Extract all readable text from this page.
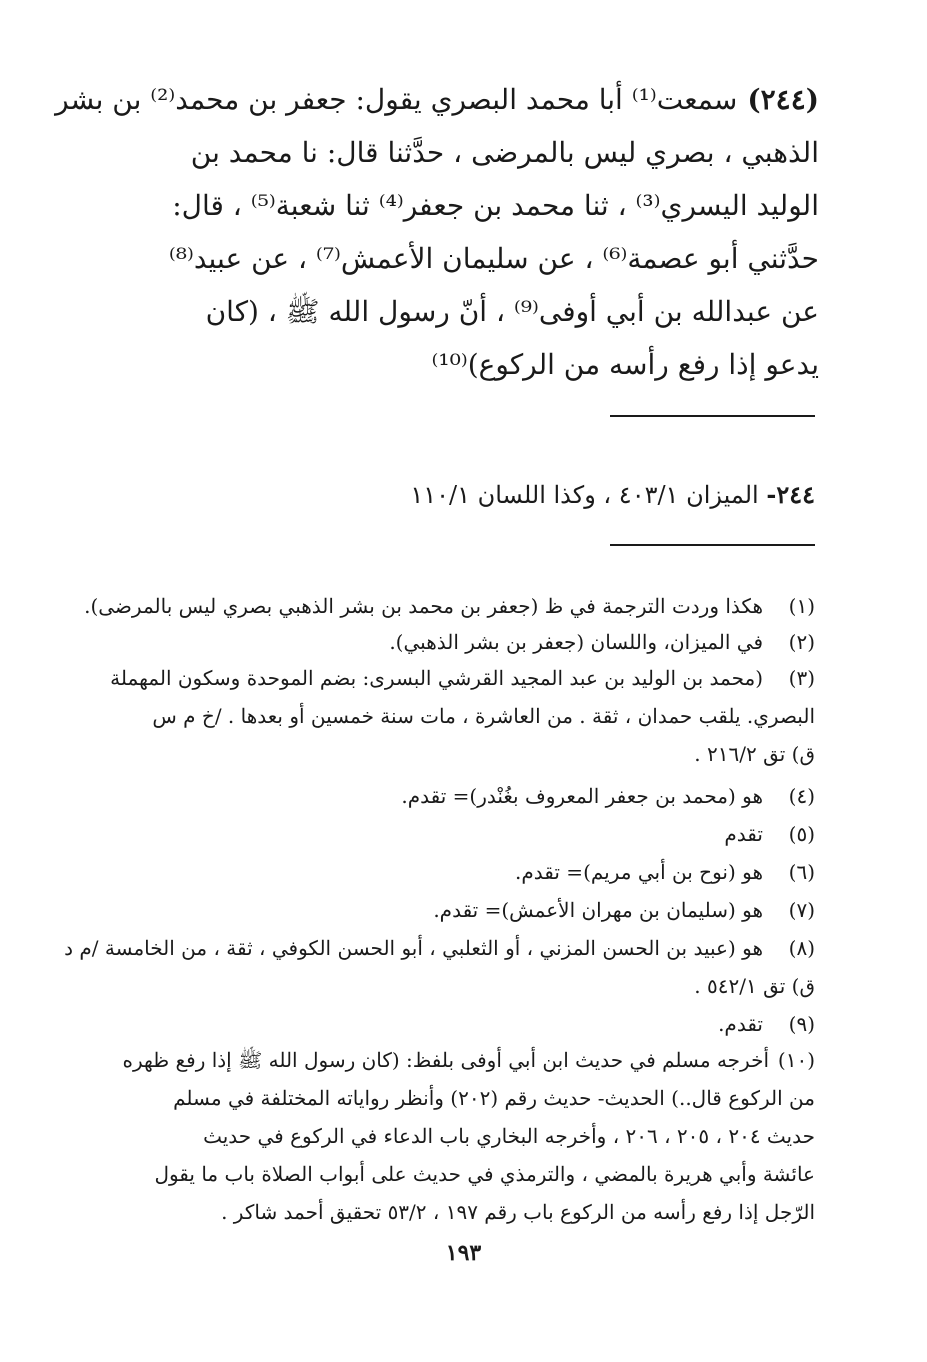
(٢٤٤)سمعت⁽¹⁾ أبا محمد البصري يقول: جعفر بن محمد⁽²⁾ بن بشر
الذهبي ، بصري ليس بالمرضى ، حدَّثنا قال: نا محمد بن
الوليد اليسري⁽³⁾ ، ثنا محمد بن جعفر⁽⁴⁾ ثنا شعبة⁽⁵⁾ ، قال:
حدَّثني أبو عصمة⁽⁶⁾ ، عن سليمان الأعمش⁽⁷⁾ ، عن عبيد⁽⁸⁾
عن عبدالله بن أبي أوفى⁽⁹⁾ ، أنّ رسول الله ﷺ ، (كان
يدعو إذا رفع رأسه من الركوع)⁽¹⁰⁾
٢٤٤- الميزان ٤٠٣/١ ، وكذا اللسان ١١٠/١
(١)
هكذا وردت الترجمة في ظ (جعفر بن محمد بن بشر الذهبي بصري ليس بالمرضى).
(٢)
في الميزان، واللسان (جعفر بن بشر الذهبي).
(٣)
(محمد بن الوليد بن عبد المجيد القرشي البسرى: بضم الموحدة وسكون المهملة
البصري. يلقب حمدان ، ثقة . من العاشرة ، مات سنة خمسين أو بعدها . /خ م س
ق) تق ٢١٦/٢ .
(٤)
هو (محمد بن جعفر المعروف بغُنْدر)= تقدم.
(٥)
تقدم
(٦)
هو (نوح بن أبي مريم)= تقدم.
(٧)
هو (سليمان بن مهران الأعمش)= تقدم.
(٨)
هو (عبيد بن الحسن المزني ، أو الثعلبي ، أبو الحسن الكوفي ، ثقة ، من الخامسة /م د
ق) تق ٥٤٢/١ .
(٩)
تقدم.
(١٠)
أخرجه مسلم في حديث ابن أبي أوفى بلفظ: (كان رسول الله ﷺ إذا رفع ظهره
من الركوع قال..) الحديث- حديث رقم (٢٠٢) وأنظر رواياته المختلفة في مسلم
حديث ٢٠٤ ، ٢٠٥ ، ٢٠٦ ، وأخرجه البخاري باب الدعاء في الركوع في حديث
عائشة وأبي هريرة بالمضي ، والترمذي في حديث على أبواب الصلاة باب ما يقول
الرّجل إذا رفع رأسه من الركوع باب رقم ١٩٧ ، ٥٣/٢ تحقيق أحمد شاكر .
١٩٣
